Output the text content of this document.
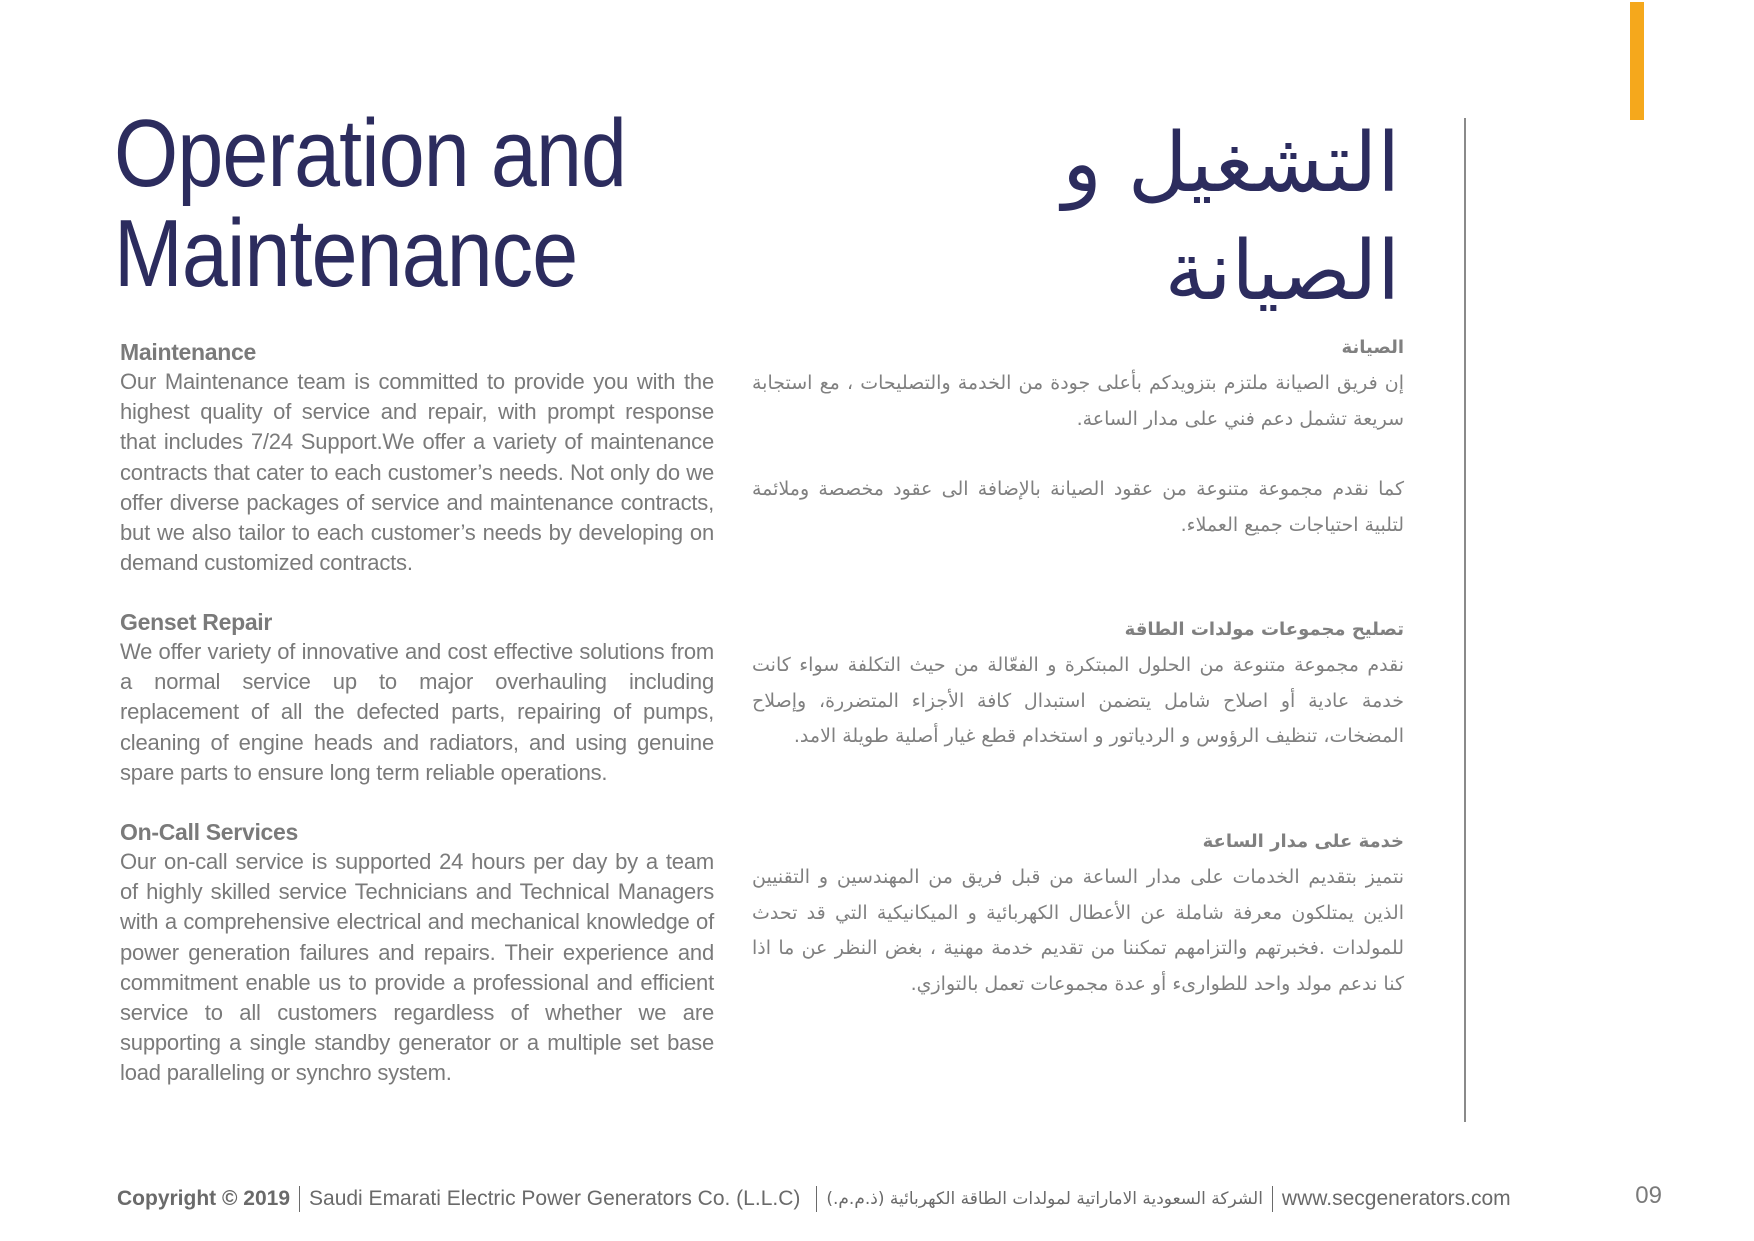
Operation and
Maintenance
التشغيل و
الصيانة
Maintenance

Our Maintenance team is committed to provide you with the highest quality of service and repair, with prompt response that includes 7/24 Support.We offer a variety of maintenance contracts that cater to each customer’s needs. Not only do we offer diverse packages of service and maintenance contracts, but we also tailor to each customer’s needs by developing on demand customized contracts.

Genset Repair

We offer variety of innovative and cost effective solutions from a normal service up to major overhauling including replacement of all the defected parts, repairing of pumps, cleaning of engine heads and radiators, and using genuine spare parts to ensure long term reliable operations.

On-Call Services

Our on-call service is supported 24 hours per day by a team of highly skilled service Technicians and Technical Managers with a comprehensive electrical and mechanical knowledge of power generation failures and repairs. Their experience and commitment enable us to provide a professional and efficient service to all customers regardless of whether we are supporting a single standby generator or a multiple set base load paralleling or synchro system.

الصيانة

إن فريق الصيانة ملتزم بتزويدكم بأعلى جودة من الخدمة والتصليحات ، مع استجابة سريعة تشمل دعم فني على مدار الساعة.

كما نقدم مجموعة متنوعة من عقود الصيانة بالإضافة الى عقود مخصصة وملائمة لتلبية احتياجات جميع العملاء.

تصليح مجموعات مولدات الطاقة

نقدم مجموعة متنوعة من الحلول المبتكرة و الفعّالة من حيث التكلفة سواء كانت خدمة عادية أو اصلاح شامل يتضمن استبدال كافة الأجزاء المتضررة، وإصلاح المضخات، تنظيف الرؤوس و الردياتور و استخدام قطع غيار أصلية طويلة الامد.

خدمة على مدار الساعة

نتميز بتقديم الخدمات على مدار الساعة من قبل فريق من المهندسين و التقنيين الذين يمتلكون معرفة شاملة عن الأعطال الكهربائية و الميكانيكية التي قد تحدث للمولدات .فخبرتهم والتزامهم تمكننا من تقديم خدمة مهنية ، بغض النظر عن ما اذا كنا ندعم مولد واحد للطوارىء أو عدة مجموعات تعمل بالتوازي.

Copyright © 2019 Saudi Emarati Electric Power Generators Co. (L.L.C) الشركة السعودية الاماراتية لمولدات الطاقة الكهربائية (ذ.م.م.) www.secgenerators.com	09
